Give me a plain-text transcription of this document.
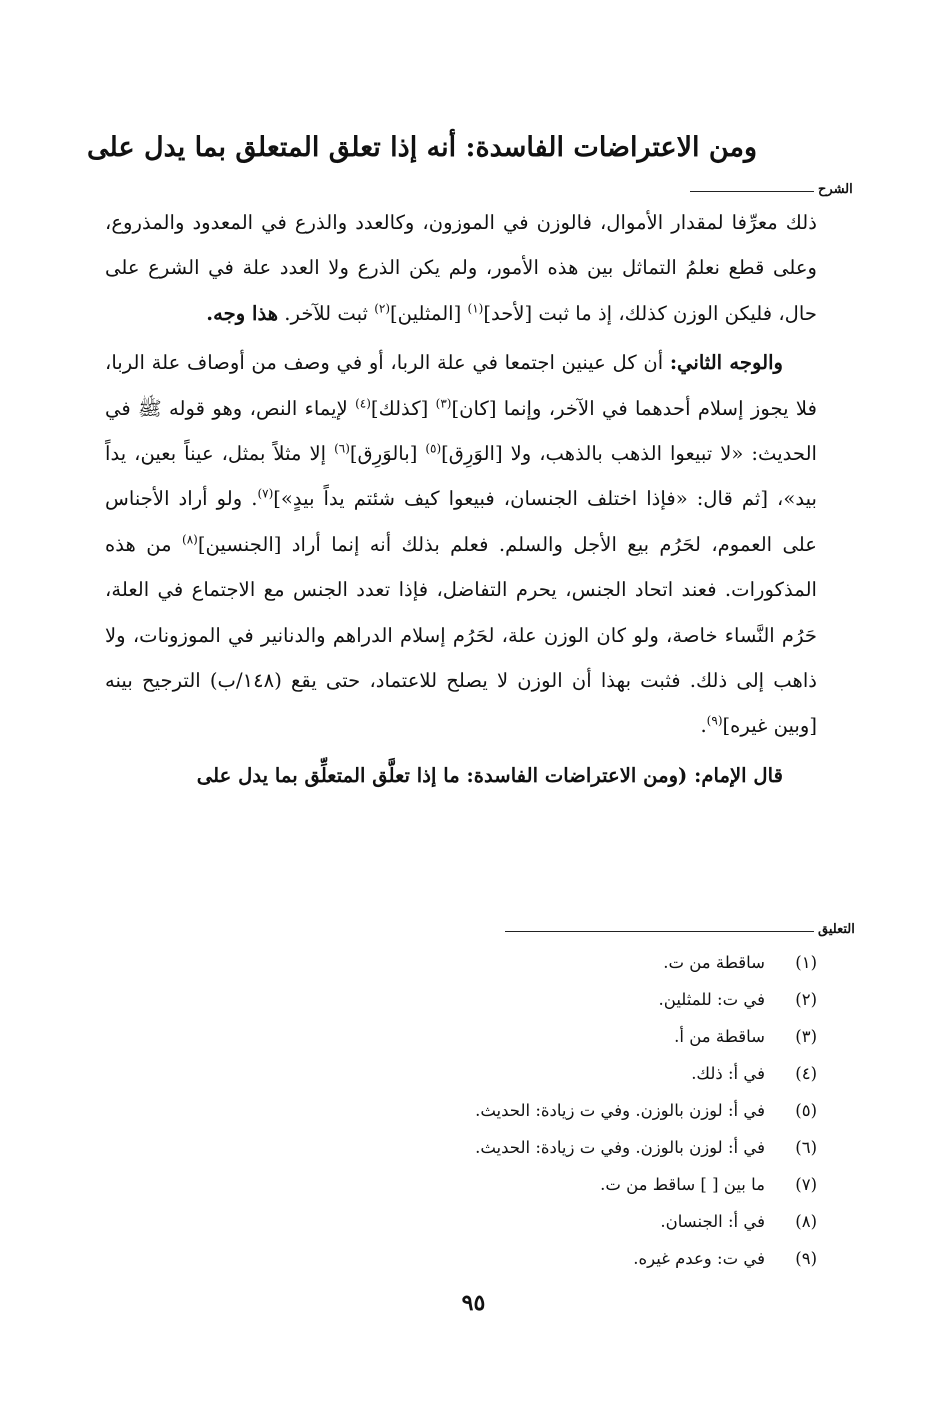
ومن الاعتراضات الفاسدة: أنه إذا تعلق المتعلق بما يدل على
الشرح

ذلك معرِّفا لمقدار الأموال، فالوزن في الموزون، وكالعدد والذرع في المعدود والمذروع، وعلى قطع نعلمُ التماثل بين هذه الأمور، ولم يكن الذرع ولا العدد علة في الشرع على حال، فليكن الوزن كذلك، إذ ما ثبت [لأحد]$^{(١)}$ [المثلين]$^{(٢)}$ ثبت للآخر. هذا وجه.

والوجه الثاني: أن كل عينين اجتمعا في علة الربا، أو في وصف من أوصاف علة الربا، فلا يجوز إسلام أحدهما في الآخر، وإنما [كان]$^{(٣)}$ [كذلك]$^{(٤)}$ لإيماء النص، وهو قوله ﷺ في الحديث: «لا تبيعوا الذهب بالذهب، ولا [الوَرِق]$^{(٥)}$ [بالوَرِق]$^{(٦)}$ إلا مثلاً بمثل، عيناً بعين، يداً بيد»، [ثم قال: «فإذا اختلف الجنسان، فبيعوا كيف شئتم يداً بيدٍ»]$^{(٧)}$. ولو أراد الأجناس على العموم، لحَرُم بيع الأجل والسلم. فعلم بذلك أنه إنما أراد [الجنسين]$^{(٨)}$ من هذه المذكورات. فعند اتحاد الجنس، يحرم التفاضل، فإذا تعدد الجنس مع الاجتماع في العلة، حَرُم النَّساء خاصة، ولو كان الوزن علة، لحَرُم إسلام الدراهم والدنانير في الموزونات، ولا ذاهب إلى ذلك. فثبت بهذا أن الوزن لا يصلح للاعتماد، حتى يقع (١٤٨/ب) الترجيح بينه [وبين غيره]$^{(٩)}$.

قال الإمام: (ومن الاعتراضات الفاسدة: ما إذا تعلَّق المتعلِّق بما يدل على

التعليق
(١)ساقطة من ت.
(٢)في ت: للمثلين.
(٣)ساقطة من أ.
(٤)في أ: ذلك.
(٥)في أ: لوزن بالوزن. وفي ت زيادة: الحديث.
(٦)في أ: لوزن بالوزن. وفي ت زيادة: الحديث.
(٧)ما بين [ ] ساقط من ت.
(٨)في أ: الجنسان.
(٩)في ت: وعدم غيره.
٩٥
